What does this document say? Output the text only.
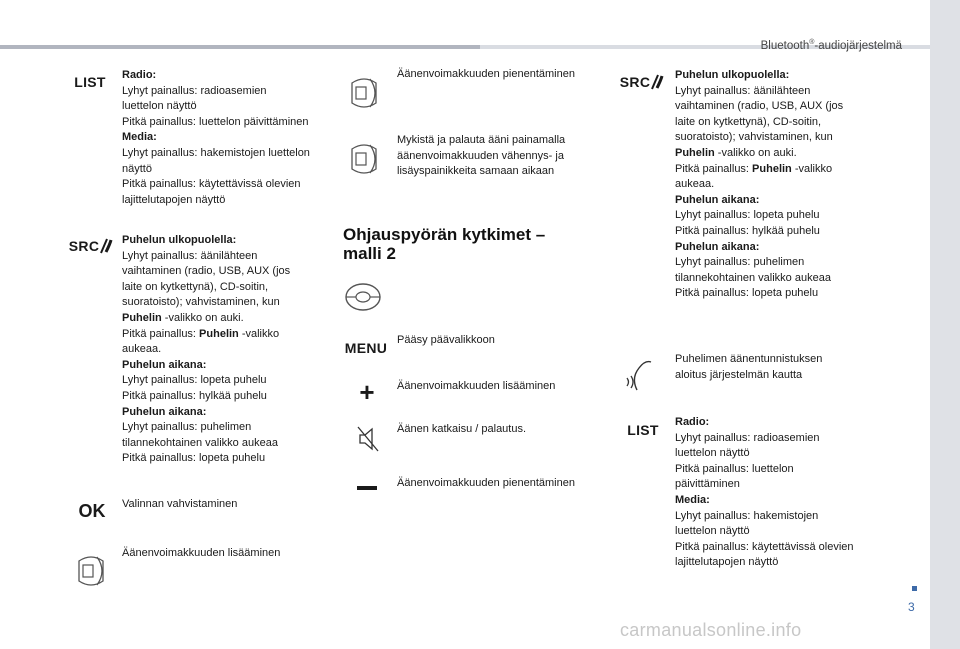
Bluetooth®-audiojärjestelmä
3
carmanualsonline.info
LIST	Radio:
Lyhyt painallus: radioasemien
luettelon näyttö
Pitkä painallus: luettelon päivittäminen
Media:
Lyhyt painallus: hakemistojen luettelon
näyttö
Pitkä painallus: käytettävissä olevien
lajittelutapojen näyttö
SRC Puhelun ulkopuolella:
Lyhyt painallus: äänilähteen
vaihtaminen (radio, USB, AUX (jos
laite on kytkettynä), CD-soitin,
suoratoisto); vahvistaminen, kun
Puhelin -valikko on auki.
Pitkä painallus: Puhelin -valikko
aukeaa.
Puhelun aikana:
Lyhyt painallus: lopeta puhelu
Pitkä painallus: hylkää puhelu
Puhelun aikana:
Lyhyt painallus: puhelimen
tilannekohtainen valikko aukeaa
Pitkä painallus: lopeta puhelu
OK	Valinnan vahvistaminen
Äänenvoimakkuuden lisääminen
Äänenvoimakkuuden pienentäminen
Mykistä ja palauta ääni painamalla
äänenvoimakkuuden vähennys- ja
lisäyspainikkeita samaan aikaan
Ohjauspyörän kytkimet –
malli 2
MENU Pääsy päävalikkoon
+	Äänenvoimakkuuden lisääminen
Äänen katkaisu / palautus.
Äänenvoimakkuuden pienentäminen
SRC Puhelun ulkopuolella:
Lyhyt painallus: äänilähteen
vaihtaminen (radio, USB, AUX (jos
laite on kytkettynä), CD-soitin,
suoratoisto); vahvistaminen, kun
Puhelin -valikko on auki.
Pitkä painallus: Puhelin -valikko
aukeaa.
Puhelun aikana:
Lyhyt painallus: lopeta puhelu
Pitkä painallus: hylkää puhelu
Puhelun aikana:
Lyhyt painallus: puhelimen
tilannekohtainen valikko aukeaa
Pitkä painallus: lopeta puhelu
Puhelimen äänentunnistuksen
aloitus järjestelmän kautta
LIST	Radio:
Lyhyt painallus: radioasemien
luettelon näyttö
Pitkä painallus: luettelon
päivittäminen
Media:
Lyhyt painallus: hakemistojen
luettelon näyttö
Pitkä painallus: käytettävissä olevien
lajittelutapojen näyttö
